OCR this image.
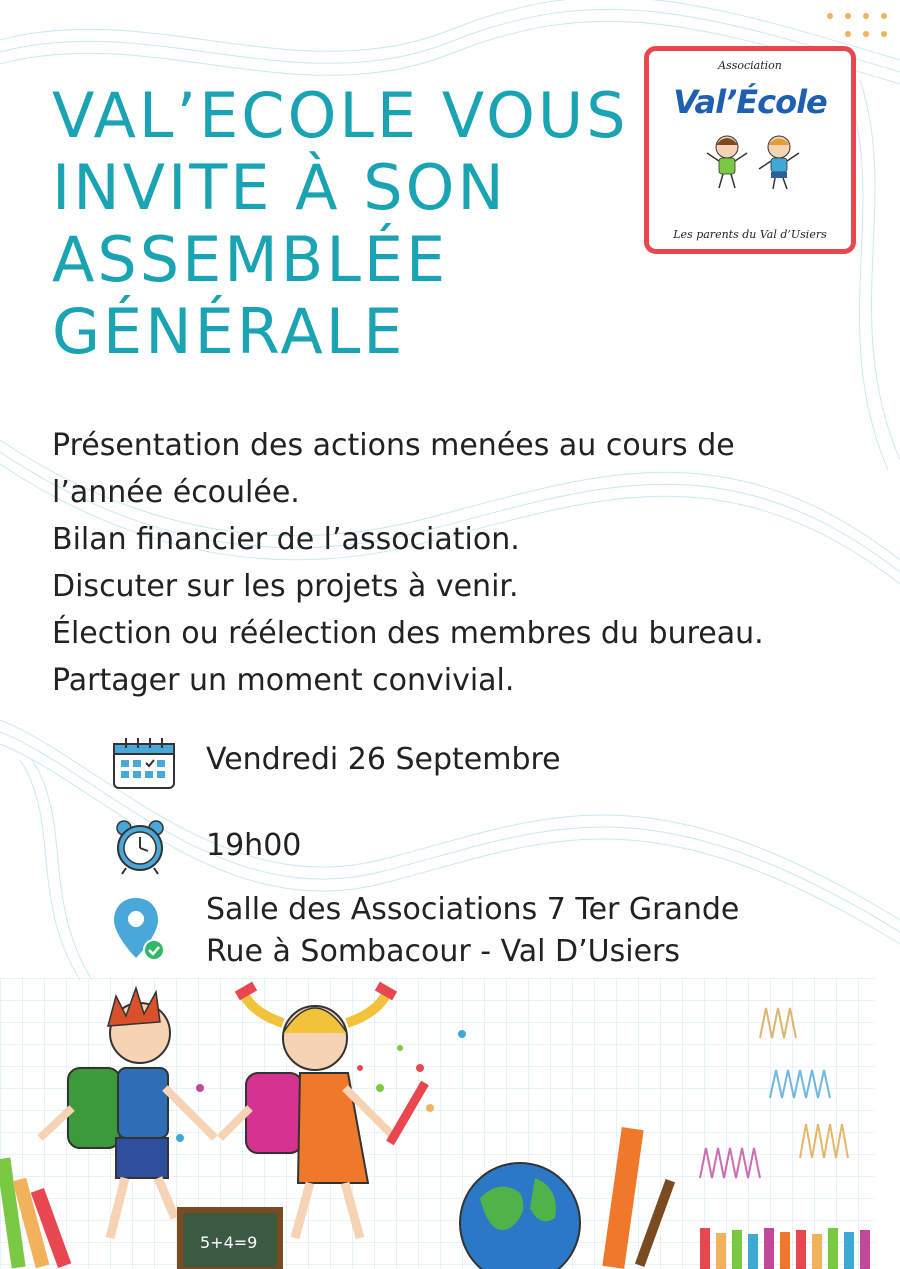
VAL’ECOLE VOUS
INVITE À SON
ASSEMBLÉE
GÉNÉRALE
Association
Val’École
Les parents du Val d’Usiers
Présentation des actions menées au cours de
l’année écoulée.
Bilan financier de l’association.
Discuter sur les projets à venir.
Élection ou réélection des membres du bureau.
Partager un moment convivial.
Vendredi 26 Septembre
19h00
Salle des Associations 7 Ter Grande
Rue à Sombacour - Val D’Usiers
5+4=9
